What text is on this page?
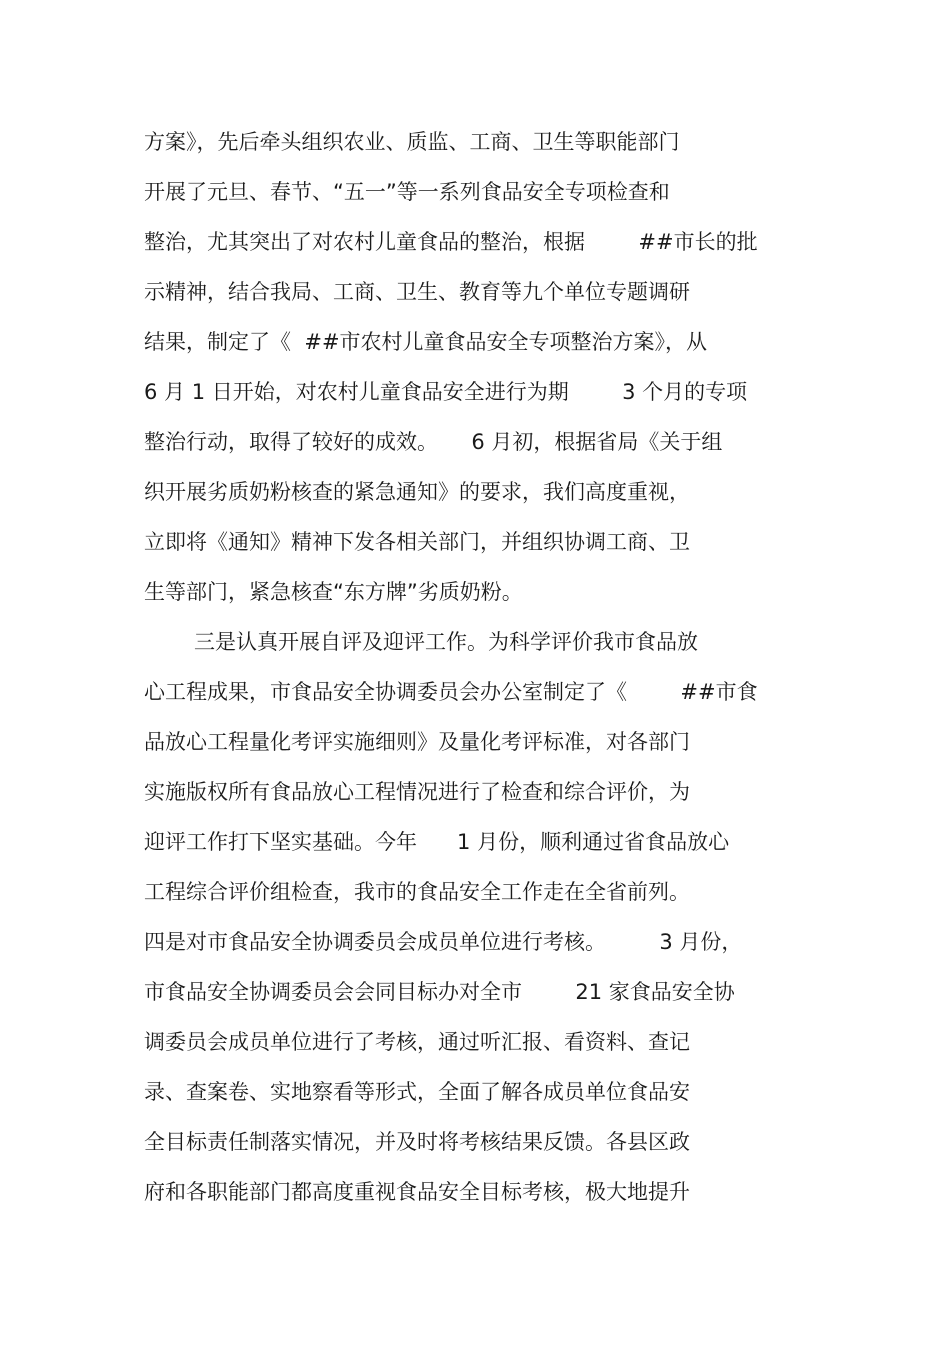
方案》，先后牵头组织农业、质监、工商、卫生等职能部门

开展了元旦、春节、“五一”等一系列食品安全专项检查和

整治，尤其突出了对农村儿童食品的整治，根据        ##市长的批

示精神，结合我局、工商、卫生、教育等九个单位专题调研

结果，制定了《  ##市农村儿童食品安全专项整治方案》，从

6 月 1 日开始，对农村儿童食品安全进行为期        3 个月的专项

整治行动，取得了较好的成效。     6 月初，根据省局《关于组

织开展劣质奶粉核查的紧急通知》的要求，我们高度重视，

立即将《通知》精神下发各相关部门，并组织协调工商、卫

生等部门，紧急核查“东方牌”劣质奶粉。

三是认真开展自评及迎评工作。为科学评价我市食品放

心工程成果，市食品安全协调委员会办公室制定了《        ##市食

品放心工程量化考评实施细则》及量化考评标准，对各部门

实施版权所有食品放心工程情况进行了检查和综合评价，为

迎评工作打下坚实基础。今年      1 月份，顺利通过省食品放心

工程综合评价组检查，我市的食品安全工作走在全省前列。

四是对市食品安全协调委员会成员单位进行考核。        3 月份，

市食品安全协调委员会会同目标办对全市        21 家食品安全协

调委员会成员单位进行了考核，通过听汇报、看资料、查记

录、查案卷、实地察看等形式，全面了解各成员单位食品安

全目标责任制落实情况，并及时将考核结果反馈。各县区政

府和各职能部门都高度重视食品安全目标考核，极大地提升
